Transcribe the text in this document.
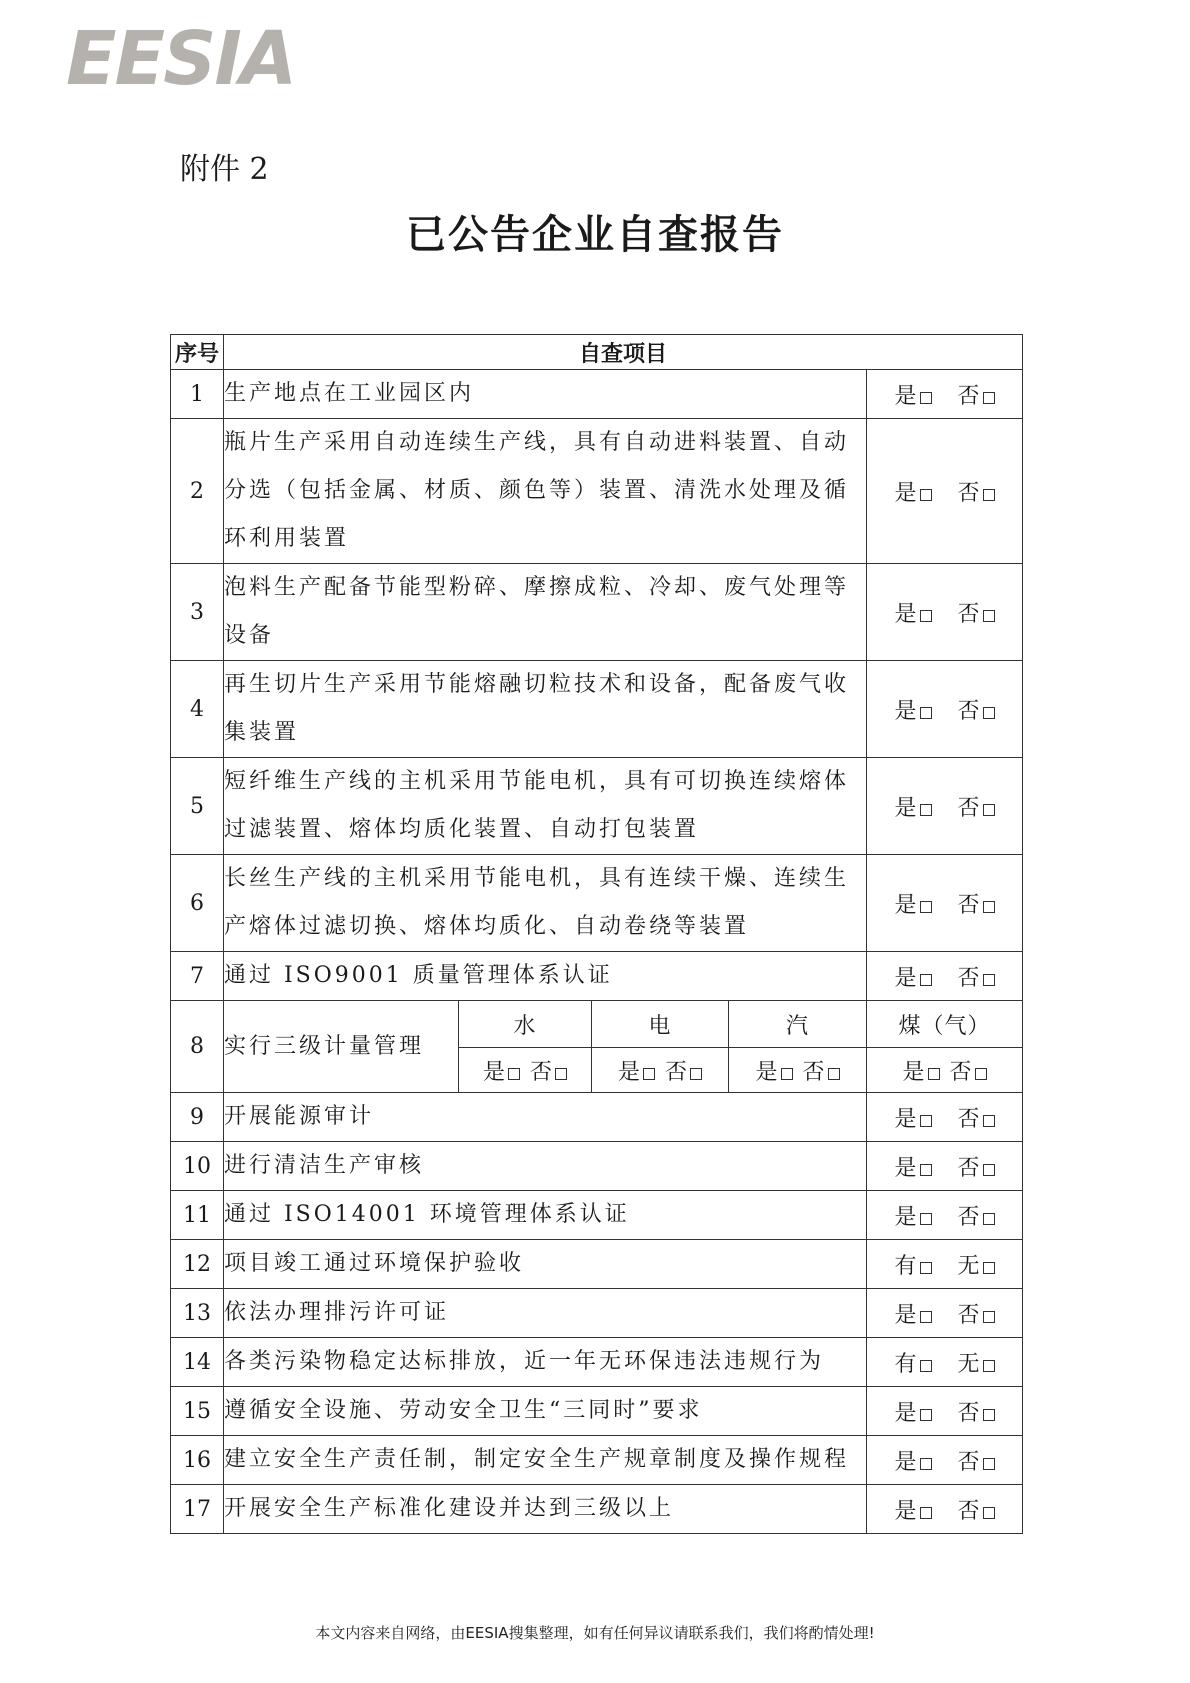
EESIA
附件 2
已公告企业自查报告
序号	自查项目				
1	生产地点在工业园区内				是 否
2	瓶片生产采用自动连续生产线，具有自动进料装置、自动分选（包括金属、材质、颜色等）装置、清洗水处理及循环利用装置				是 否
3	泡料生产配备节能型粉碎、摩擦成粒、冷却、废气处理等设备				是 否
4	再生切片生产采用节能熔融切粒技术和设备，配备废气收集装置				是 否
5	短纤维生产线的主机采用节能电机，具有可切换连续熔体过滤装置、熔体均质化装置、自动打包装置				是 否
6	长丝生产线的主机采用节能电机，具有连续干燥、连续生产熔体过滤切换、熔体均质化、自动卷绕等装置				是 否
7	通过 ISO9001 质量管理体系认证				是 否
8	实行三级计量管理	水	电	汽	煤（气）
		是 否	是 否	是 否	是 否
9	开展能源审计				是 否
10	进行清洁生产审核				是 否
11	通过 ISO14001 环境管理体系认证				是 否
12	项目竣工通过环境保护验收				有 无
13	依法办理排污许可证				是 否
14	各类污染物稳定达标排放，近一年无环保违法违规行为				有 无
15	遵循安全设施、劳动安全卫生“三同时”要求				是 否
16	建立安全生产责任制，制定安全生产规章制度及操作规程				是 否
17	开展安全生产标准化建设并达到三级以上				是 否
本文内容来自网络，由EESIA搜集整理，如有任何异议请联系我们，我们将酌情处理!
